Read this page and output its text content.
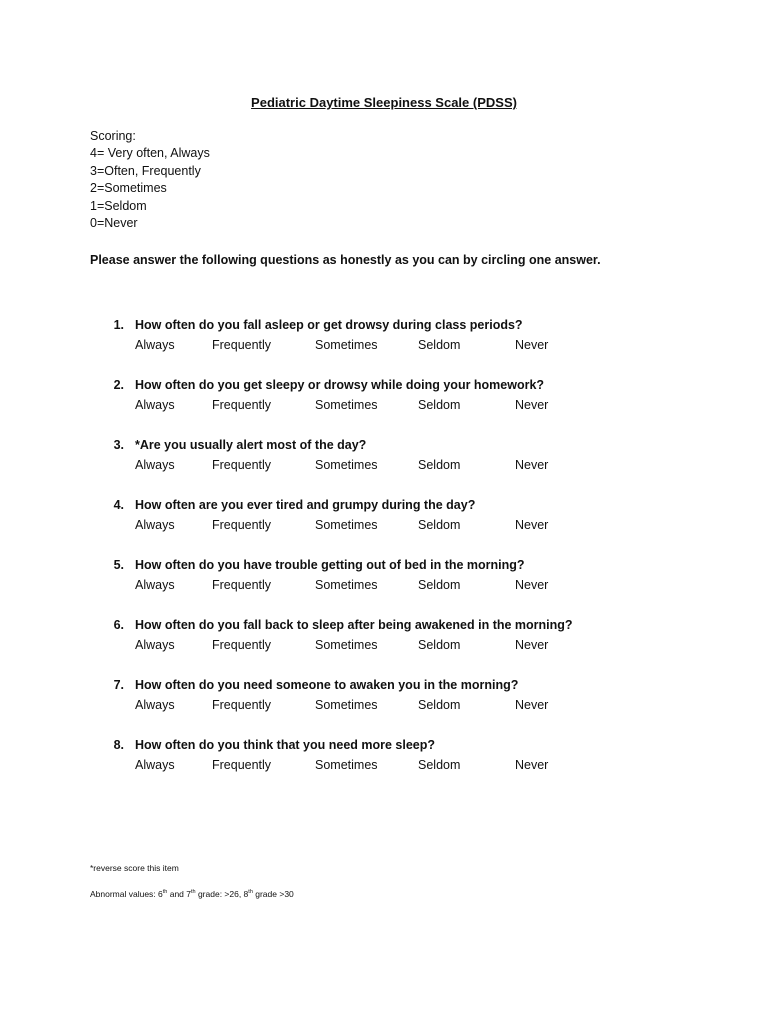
Pediatric Daytime Sleepiness Scale (PDSS)
Scoring:
4= Very often, Always
3=Often, Frequently
2=Sometimes
1=Seldom
0=Never
Please answer the following questions as honestly as you can by circling one answer.
1. How often do you fall asleep or get drowsy during class periods?
Always	Frequently	Sometimes	Seldom	Never
2. How often do you get sleepy or drowsy while doing your homework?
Always	Frequently	Sometimes	Seldom	Never
3. *Are you usually alert most of the day?
Always	Frequently	Sometimes	Seldom	Never
4. How often are you ever tired and grumpy during the day?
Always	Frequently	Sometimes	Seldom	Never
5. How often do you have trouble getting out of bed in the morning?
Always	Frequently	Sometimes	Seldom	Never
6. How often do you fall back to sleep after being awakened in the morning?
Always	Frequently	Sometimes	Seldom	Never
7. How often do you need someone to awaken you in the morning?
Always	Frequently	Sometimes	Seldom	Never
8. How often do you think that you need more sleep?
Always	Frequently	Sometimes	Seldom	Never
*reverse score this item
Abnormal values: 6th and 7th grade: >26, 8th grade >30
